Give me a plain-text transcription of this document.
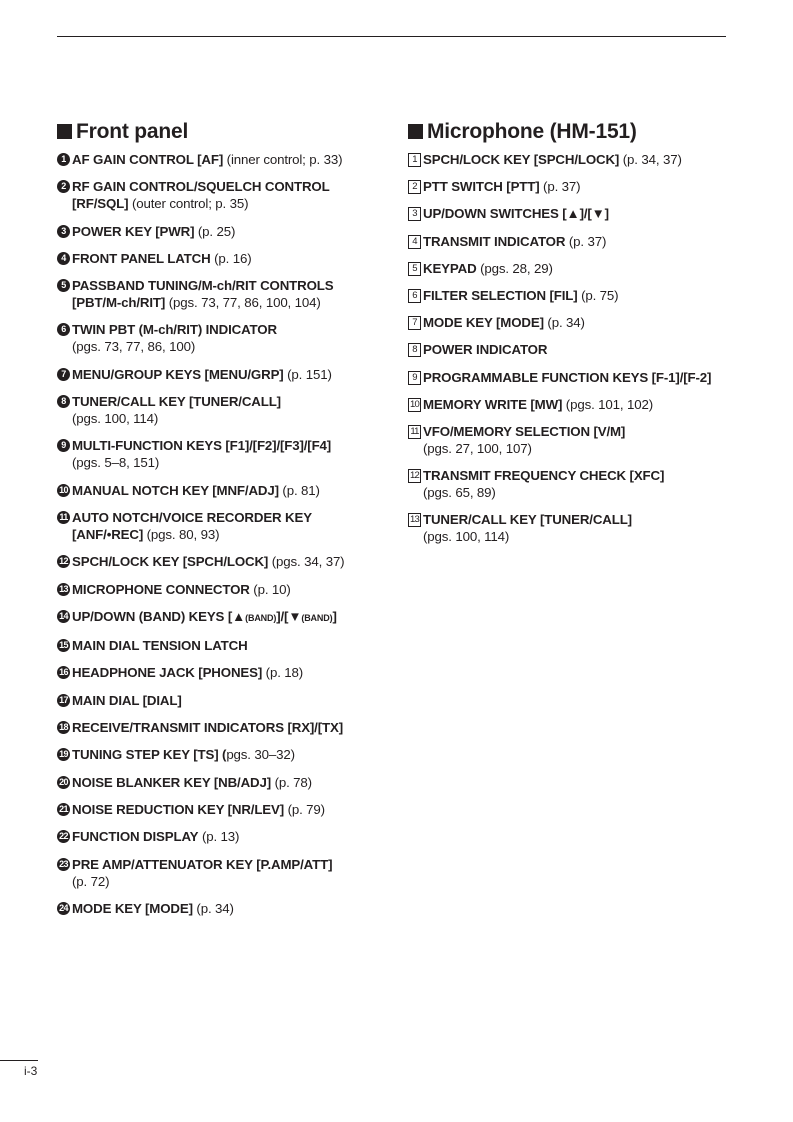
Front panel
1 AF GAIN CONTROL [AF] (inner control; p. 33)
2 RF GAIN CONTROL/SQUELCH CONTROL
[RF/SQL] (outer control; p. 35)
3 POWER KEY [PWR] (p. 25)
4 FRONT PANEL LATCH (p. 16)
5 PASSBAND TUNING/M-ch/RIT CONTROLS
[PBT/M-ch/RIT] (pgs. 73, 77, 86, 100, 104)
6 TWIN PBT (M-ch/RIT) INDICATOR
(pgs. 73, 77, 86, 100)
7 MENU/GROUP KEYS [MENU/GRP] (p. 151)
8 TUNER/CALL KEY [TUNER/CALL]
(pgs. 100, 114)
9 MULTI-FUNCTION KEYS [F1]/[F2]/[F3]/[F4]
(pgs. 5–8, 151)
10 MANUAL NOTCH KEY [MNF/ADJ] (p. 81)
11 AUTO NOTCH/VOICE RECORDER KEY
[ANF/•REC] (pgs. 80, 93)
12 SPCH/LOCK KEY [SPCH/LOCK] (pgs. 34, 37)
13 MICROPHONE CONNECTOR (p. 10)
14 UP/DOWN (BAND) KEYS [▲(BAND)]/[▼(BAND)]
15 MAIN DIAL TENSION LATCH
16 HEADPHONE JACK [PHONES] (p. 18)
17 MAIN DIAL [DIAL]
18 RECEIVE/TRANSMIT INDICATORS [RX]/[TX]
19 TUNING STEP KEY [TS] (pgs. 30–32)
20 NOISE BLANKER KEY [NB/ADJ] (p. 78)
21 NOISE REDUCTION KEY [NR/LEV] (p. 79)
22 FUNCTION DISPLAY (p. 13)
23 PRE AMP/ATTENUATOR KEY [P.AMP/ATT]
(p. 72)
24 MODE KEY [MODE] (p. 34)
Microphone (HM-151)
1 SPCH/LOCK KEY [SPCH/LOCK] (p. 34, 37)
2 PTT SWITCH [PTT] (p. 37)
3 UP/DOWN SWITCHES [▲]/[▼]
4 TRANSMIT INDICATOR (p. 37)
5 KEYPAD (pgs. 28, 29)
6 FILTER SELECTION [FIL] (p. 75)
7 MODE KEY [MODE] (p. 34)
8 POWER INDICATOR
9 PROGRAMMABLE FUNCTION KEYS [F-1]/[F-2]
10 MEMORY WRITE [MW] (pgs. 101, 102)
11 VFO/MEMORY SELECTION [V/M]
(pgs. 27, 100, 107)
12 TRANSMIT FREQUENCY CHECK [XFC]
(pgs. 65, 89)
13 TUNER/CALL KEY [TUNER/CALL]
(pgs. 100, 114)
i-3
